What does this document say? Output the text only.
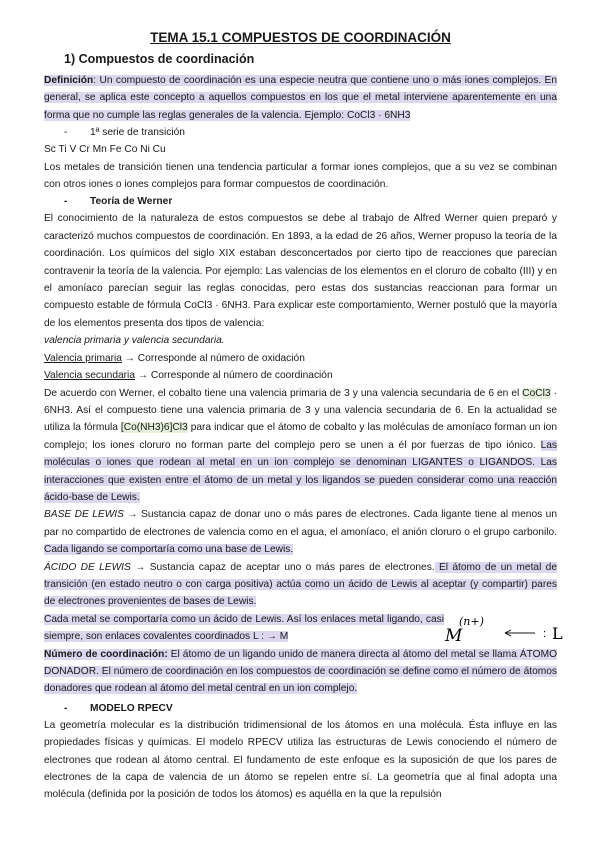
TEMA 15.1 COMPUESTOS DE COORDINACIÓN
1) Compuestos de coordinación

Definición: Un compuesto de coordinación es una especie neutra que contiene uno o más iones complejos. En general, se aplica este concepto a aquellos compuestos en los que el metal interviene aparentemente en una forma que no cumple las reglas generales de la valencia. Ejemplo: CoCl3 · 6NH3

- 1ª serie de transición

Sc Ti V Cr Mn Fe Co Ni Cu

Los metales de transición tienen una tendencia particular a formar iones complejos, que a su vez se combinan con otros iones o iones complejos para formar compuestos de coordinación.

- Teoría de Werner

El conocimiento de la naturaleza de estos compuestos se debe al trabajo de Alfred Werner quien preparó y caracterizó muchos compuestos de coordinación. En 1893, a la edad de 26 años, Werner propuso la teoría de la coordinación. Los químicos del siglo XIX estaban desconcertados por cierto tipo de reacciones que parecían contravenir la teoría de la valencia. Por ejemplo: Las valencias de los elementos en el cloruro de cobalto (III) y en el amoníaco parecían seguir las reglas conocidas, pero estas dos sustancias reaccionan para formar un compuesto estable de fórmula CoCl3 · 6NH3. Para explicar este comportamiento, Werner postuló que la mayoría de los elementos presenta dos tipos de valencia:
valencia primaria y valencia secundaria.

Valencia primaria → Corresponde al número de oxidación

Valencia secundaria → Corresponde al número de coordinación

De acuerdo con Werner, el cobalto tiene una valencia primaria de 3 y una valencia secundaria de 6 en el CoCl3 · 6NH3. Así el compuesto tiene una valencia primaria de 3 y una valencia secundaria de 6. En la actualidad se utiliza la fórmula [Co(NH3)6]Cl3 para indicar que el átomo de cobalto y las moléculas de amoníaco forman un ion complejo; los iones cloruro no forman parte del complejo pero se unen a él por fuerzas de tipo iónico. Las moléculas o iones que rodean al metal en un ion complejo se denominan LIGANTES o LIGANDOS. Las interacciones que existen entre el átomo de un metal y los ligandos se pueden considerar como una reacción ácido-base de Lewis.

BASE DE LEWIS → Sustancia capaz de donar uno o más pares de electrones. Cada ligante tiene al menos un par no compartido de electrones de valencia como en el agua, el amoníaco, el anión cloruro o el grupo carbonilo. Cada ligando se comportaría como una base de Lewis.

ÁCIDO DE LEWIS → Sustancia capaz de aceptar uno o más pares de electrones. El átomo de un metal de transición (en estado neutro o con carga positiva) actúa como un ácido de Lewis al aceptar (y compartir) pares de electrones provenientes de bases de Lewis.

Cada metal se comportaría como un ácido de Lewis. Así los enlaces metal ligando, casi siempre, son enlaces covalentes coordinados L : → M	M
(n+)
: L

Número de coordinación: El átomo de un ligando unido de manera directa al átomo del metal se llama ÁTOMO DONADOR. El número de coordinación en los compuestos de coordinación se define como el número de átomos donadores que rodean al átomo del metal central en un ion complejo.

- MODELO RPECV

La geometría molecular es la distribución tridimensional de los átomos en una molécula. Ésta influye en las propiedades físicas y químicas. El modelo RPECV utiliza las estructuras de Lewis conociendo el número de electrones que rodean al átomo central. El fundamento de este enfoque es la suposición de que los pares de electrones de la capa de valencia de un átomo se repelen entre sí. La geometría que al final adopta una molécula (definida por la posición de todos los átomos) es aquélla en la que la repulsión
